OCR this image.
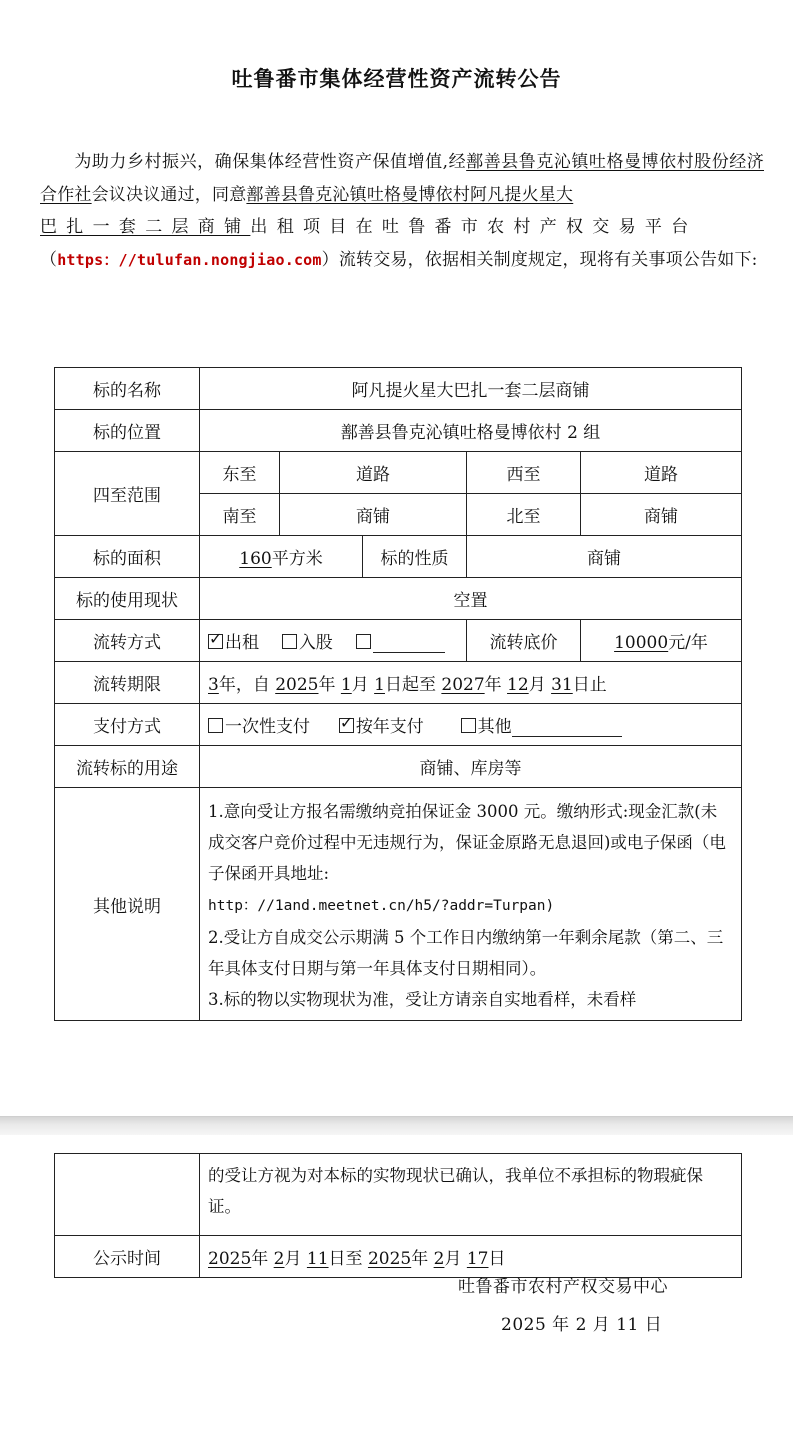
吐鲁番市集体经营性资产流转公告
为助力乡村振兴，确保集体经营性资产保值增值,经鄯善县鲁克沁镇吐格曼博依村股份经济合作社会议决议通过，同意鄯善县鲁克沁镇吐格曼博依村阿凡提火星大
巴扎一套二层商铺出租项目在吐鲁番市农村产权交易平台
（https：//tulufan.nongjiao.com）流转交易，依据相关制度规定，现将有关事项公告如下:
标的名称	阿凡提火星大巴扎一套二层商铺				
标的位置	鄯善县鲁克沁镇吐格曼博依村 2 组				
四至范围	东至	道路		西至	道路
	南至	商铺		北至	商铺
标的面积	160平方米		标的性质	商铺	
标的使用现状	空置				
流转方式	✓出租 入股			流转底价	10000元/年
流转期限	3年，自 2025年 1月 1日起至 2027年 12月 31日止				
支付方式	一次性支付 ✓ 按年支付 其他
流转标的用途	商铺、库房等				
其他说明	1.意向受让方报名需缴纳竞拍保证金 3000 元。缴纳形式:现金汇款(未成交客户竞价过程中无违规行为，保证金原路无息退回)或电子保函（电子保函开具地址:
http：//1and.meetnet.cn/h5/?addr=Turpan)
2.受让方自成交公示期满 5 个工作日内缴纳第一年剩余尾款（第二、三年具体支付日期与第一年具体支付日期相同）。
3.标的物以实物现状为准，受让方请亲自实地看样，未看样				
	的受让方视为对本标的实物现状已确认，我单位不承担标的物瑕疵保证。
公示时间	2025年 2月 11日至 2025年 2月 17日
吐鲁番市农村产权交易中心
2025 年 2 月 11 日
